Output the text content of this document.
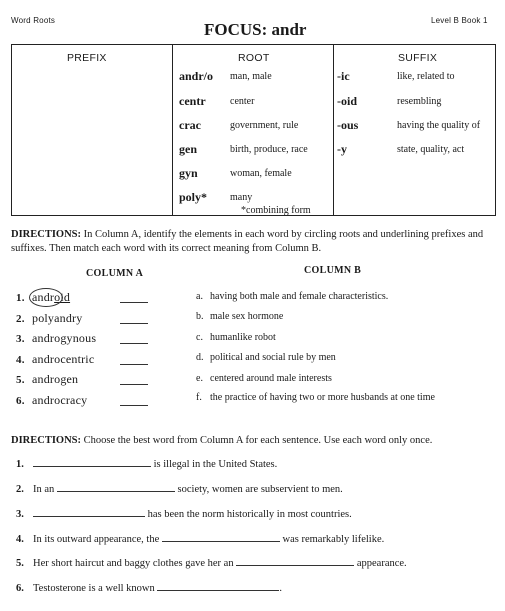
Word Roots	FOCUS: andr	Level B Book 1
PREFIX	ROOT	SUFFIX
andr/o man, male
centr center
crac	government, rule
gen	birth, produce, race
gyn	woman, female
poly* many
*combining form
-ic	like, related to
-oid	resembling
-ous	having the quality of
-y	state, quality, act
DIRECTIONS: In Column A, identify the elements in each word by circling roots and underlining prefixes and suffixes. Then match each word with its correct meaning from Column B.
COLUMN A	COLUMN B
1. android
2. polyandry
3. androgynous
4. androcentric
5. androgen
6. androcracy
a. having both male and female characteristics.
b. male sex hormone
c. humanlike robot
d. political and social rule by men
e. centered around male interests
f. the practice of having two or more husbands at one time
DIRECTIONS: Choose the best word from Column A for each sentence. Use each word only once.
1.	is illegal in the United States.
2. In an	society, women are subservient to men.
3.	has been the norm historically in most countries.
4. In its outward appearance, the	was remarkably lifelike.
5. Her short haircut and baggy clothes gave her an	appearance.
6. Testosterone is a well known	.
